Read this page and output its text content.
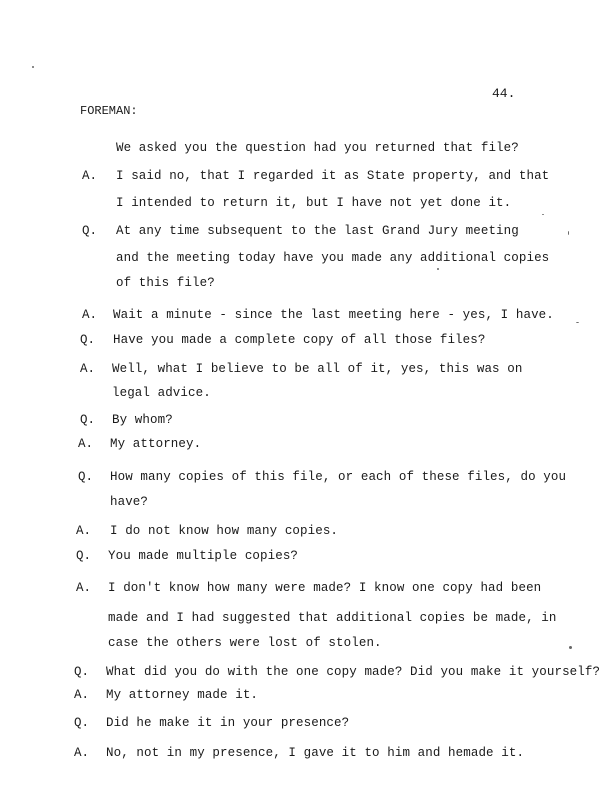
44.
FOREMAN:
We asked you the question had you returned that file?
A. I said no, that I regarded it as State property, and that
I intended to return it, but I have not yet done it.
Q. At any time subsequent to the last Grand Jury meeting
and the meeting today have you made any additional copies
of this file?
A. Wait a minute - since the last meeting here - yes, I have.
Q. Have you made a complete copy of all those files?
A. Well, what I believe to be all of it, yes, this was on
legal advice.
Q. By whom?
A. My attorney.
Q. How many copies of this file, or each of these files, do you
have?
A. I do not know how many copies.
Q. You made multiple copies?
A. I don't know how many were made? I know one copy had been
made and I had suggested that additional copies be made, in
case the others were lost of stolen.
Q. What did you do with the one copy made? Did you make it yourself?
A. My attorney made it.
Q. Did he make it in your presence?
A. No, not in my presence, I gave it to him and hemade it.
